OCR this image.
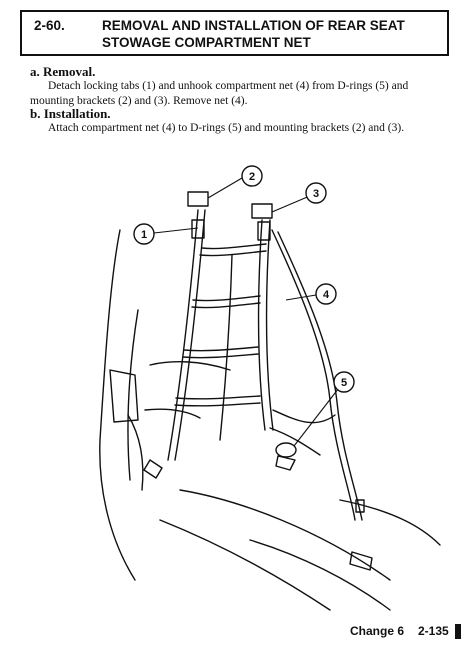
2-60.	REMOVAL AND INSTALLATION OF REAR SEAT STOWAGE COMPARTMENT NET
a. Removal.
Detach locking tabs (1) and unhook compartment net (4) from D-rings (5) and mounting brackets (2) and (3). Remove net (4).
b. Installation.
Attach compartment net (4) to D-rings (5) and mounting brackets (2) and (3).
1
2
3
4
5
Change 6 2-135
